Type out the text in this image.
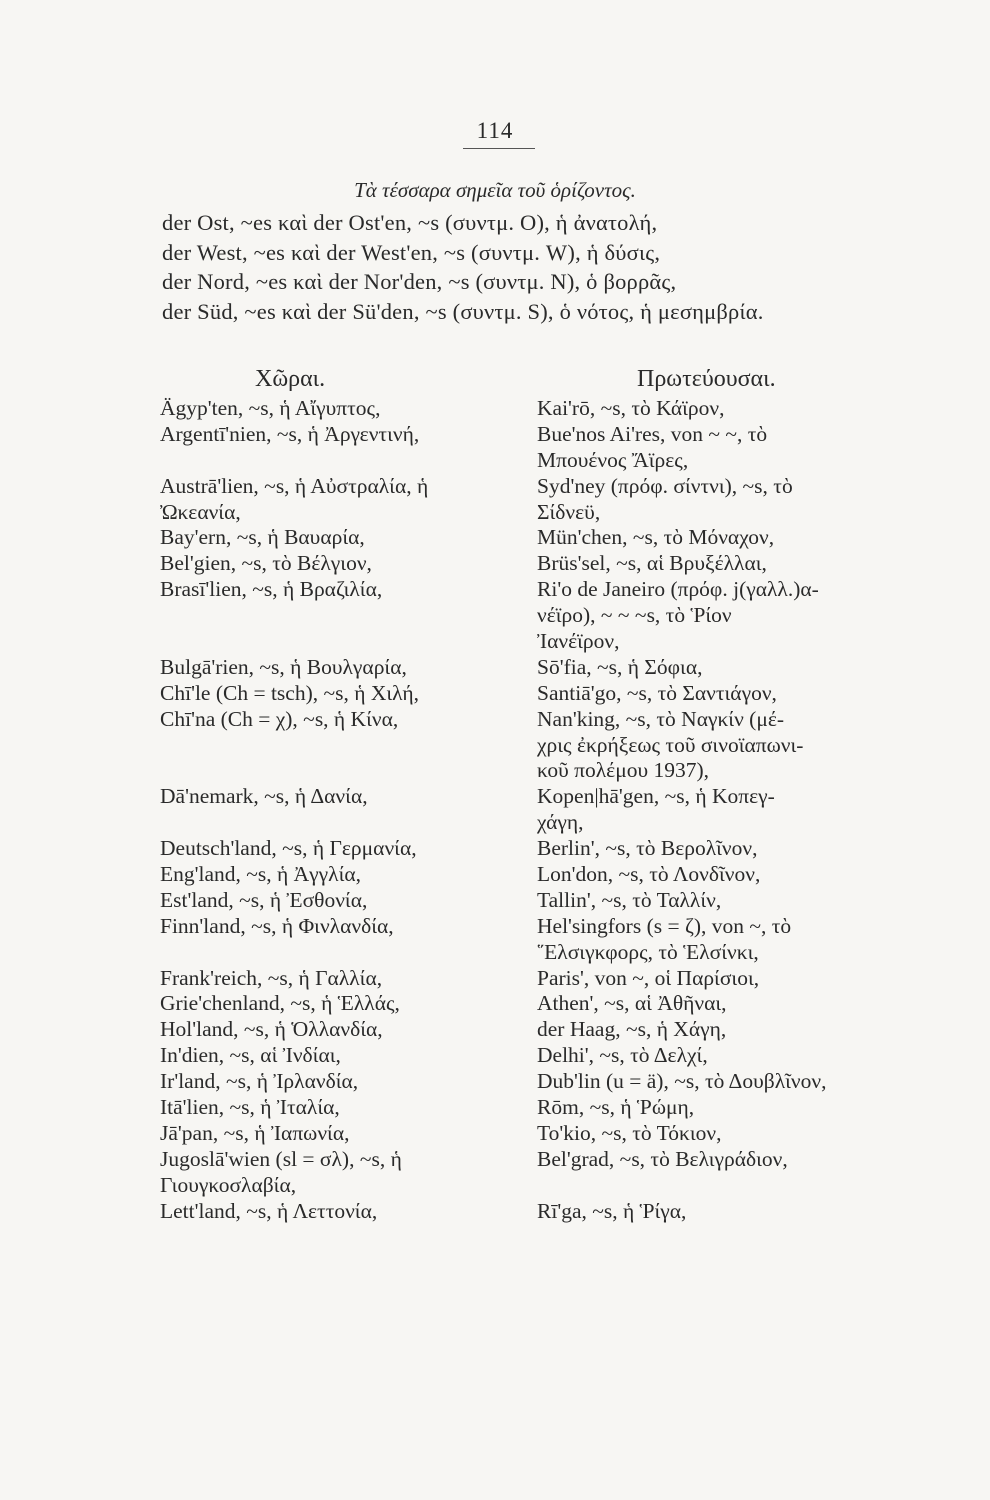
114
Τὰ τέσσαρα σημεῖα τοῦ ὁρίζοντος.
der Ost, ~es καὶ der Ost'en, ~s (συντμ. O), ἡ ἀνατολή,
der West, ~es καὶ der West'en, ~s (συντμ. W), ἡ δύσις,
der Nord, ~es καὶ der Nor'den, ~s (συντμ. N), ὁ βορρᾶς,
der Süd, ~es καὶ der Sü'den, ~s (συντμ. S), ὁ νότος, ἡ μεσημβρία.
Χῶραι.	Πρωτεύουσαι.
Ägyp'ten, ~s, ἡ Αἴγυπτος,
Argentī'nien, ~s, ἡ Ἀργεντινή,
Austrā'lien, ~s, ἡ Αὐστραλία, ἡ
Ὠκεανία,
Bay'ern, ~s, ἡ Βαυαρία,
Bel'gien, ~s, τὸ Βέλγιον,
Brasī'lien, ~s, ἡ Βραζιλία,
Bulgā'rien, ~s, ἡ Βουλγαρία,
Chī'le (Ch = tsch), ~s, ἡ Χιλή,
Chī'na (Ch = χ), ~s, ἡ Κίνα,
Dā'nemark, ~s, ἡ Δανία,
Deutsch'land, ~s, ἡ Γερμανία,
Eng'land, ~s, ἡ Ἀγγλία,
Est'land, ~s, ἡ Ἐσθονία,
Finn'land, ~s, ἡ Φινλανδία,
Frank'reich, ~s, ἡ Γαλλία,
Grie'chenland, ~s, ἡ Ἑλλάς,
Hol'land, ~s, ἡ Ὁλλανδία,
In'dien, ~s, αἱ Ἰνδίαι,
Ir'land, ~s, ἡ Ἰρλανδία,
Itā'lien, ~s, ἡ Ἰταλία,
Jā'pan, ~s, ἡ Ἰαπωνία,
Jugoslā'wien (sl = σλ), ~s, ἡ
Γιουγκοσλαβία,
Lett'land, ~s, ἡ Λεττονία,
Kai'rō, ~s, τὸ Κάϊρον,
Bue'nos Ai'res, von ~ ~, τὸ
Μπουένος Ἄϊρες,
Syd'ney (πρόφ. σίντνι), ~s, τὸ
Σίδνεϋ,
Mün'chen, ~s, τὸ Μόναχον,
Brüs'sel, ~s, αἱ Βρυξέλλαι,
Ri'o de Janeiro (πρόφ. j(γαλλ.)α-
νέϊρο), ~ ~ ~s, τὸ Ῥίον
Ἰανέϊρον,
Sō'fia, ~s, ἡ Σόφια,
Santiā'go, ~s, τὸ Σαντιάγον,
Nan'king, ~s, τὸ Ναγκίν (μέ-
χρις ἐκρήξεως τοῦ σινοϊαπωνι-
κοῦ πολέμου 1937),
Kopen|hā'gen, ~s, ἡ Κοπεγ-
χάγη,
Berlin', ~s, τὸ Βερολῖνον,
Lon'don, ~s, τὸ Λονδῖνον,
Tallin', ~s, τὸ Ταλλίν,
Hel'singfors (s = ζ), von ~, τὸ
῞Ελσιγκφορς, τὸ Ἑλσίνκι,
Paris', von ~, οἱ Παρίσιοι,
Athen', ~s, αἱ Ἀθῆναι,
der Haag, ~s, ἡ Χάγη,
Delhi', ~s, τὸ Δελχί,
Dub'lin (u = ä), ~s, τὸ Δουβλῖνον,
Rōm, ~s, ἡ Ῥώμη,
To'kio, ~s, τὸ Τόκιον,
Bel'grad, ~s, τὸ Βελιγράδιον,
Rī'ga, ~s, ἡ Ῥίγα,
